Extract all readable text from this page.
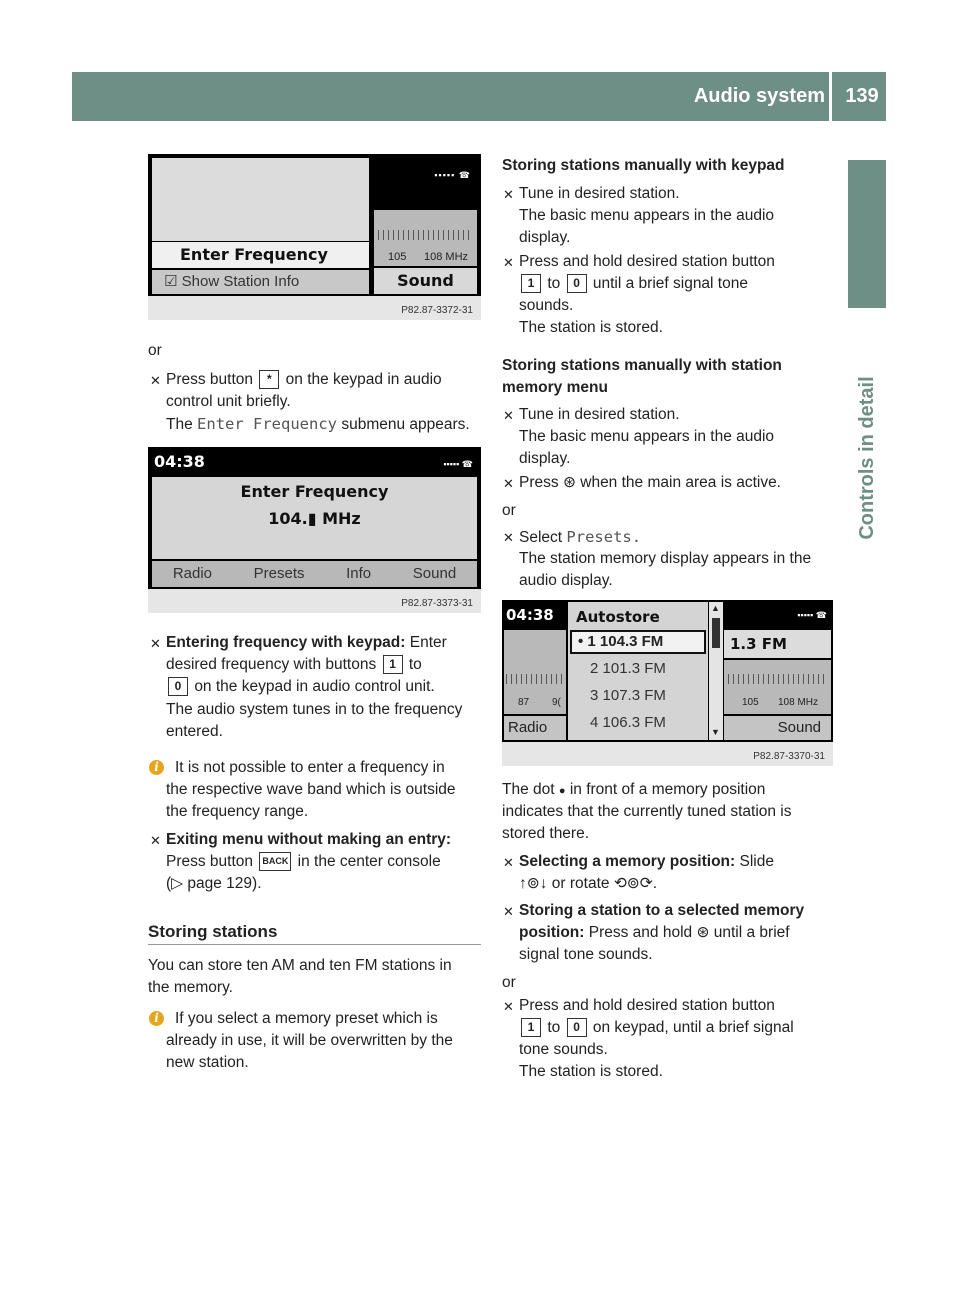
Audio system	139
Controls in detail
Enter Frequency
☑ Show Station Info
▪▪▪▪▪ ☎
105 108 MHz
Sound
P82.87-3372-31
or
✕ Press button * on the keypad in audio
control unit briefly.
The Enter Frequency submenu appears.
04:38	▪▪▪▪▪ ☎
Enter Frequency
104.▮ MHz
Radio	Presets	Info	Sound
P82.87-3373-31
✕ Entering frequency with keypad: Enter
desired frequency with buttons 1 to
0 on the keypad in audio control unit.
The audio system tunes in to the frequency
entered.
i	It is not possible to enter a frequency in
the respective wave band which is outside
the frequency range.
✕ Exiting menu without making an entry:
Press button BACK in the center console
(▷ page 129).
Storing stations
You can store ten AM and ten FM stations in
the memory.
i	If you select a memory preset which is
already in use, it will be overwritten by the
new station.
Storing stations manually with keypad
✕ Tune in desired station.
The basic menu appears in the audio
display.
✕ Press and hold desired station button
1 to 0 until a brief signal tone
sounds.
The station is stored.
Storing stations manually with station
memory menu
✕ Tune in desired station.
The basic menu appears in the audio
display.
✕ Press ⊛ when the main area is active.
or
✕ Select Presets.
The station memory display appears in the
audio display.
04:38
87 9(
Radio
Autostore
• 1 104.3 FM
2 101.3 FM
3 107.3 FM
4 106.3 FM
▲
▼
▪▪▪▪▪ ☎
1.3 FM
105 108 MHz
Sound
P82.87-3370-31
The dot ● in front of a memory position
indicates that the currently tuned station is
stored there.
✕ Selecting a memory position: Slide
↑⊚↓ or rotate ⟲⊚⟳.
✕ Storing a station to a selected memory
position: Press and hold ⊛ until a brief
signal tone sounds.
or
✕ Press and hold desired station button
1 to 0 on keypad, until a brief signal
tone sounds.
The station is stored.
